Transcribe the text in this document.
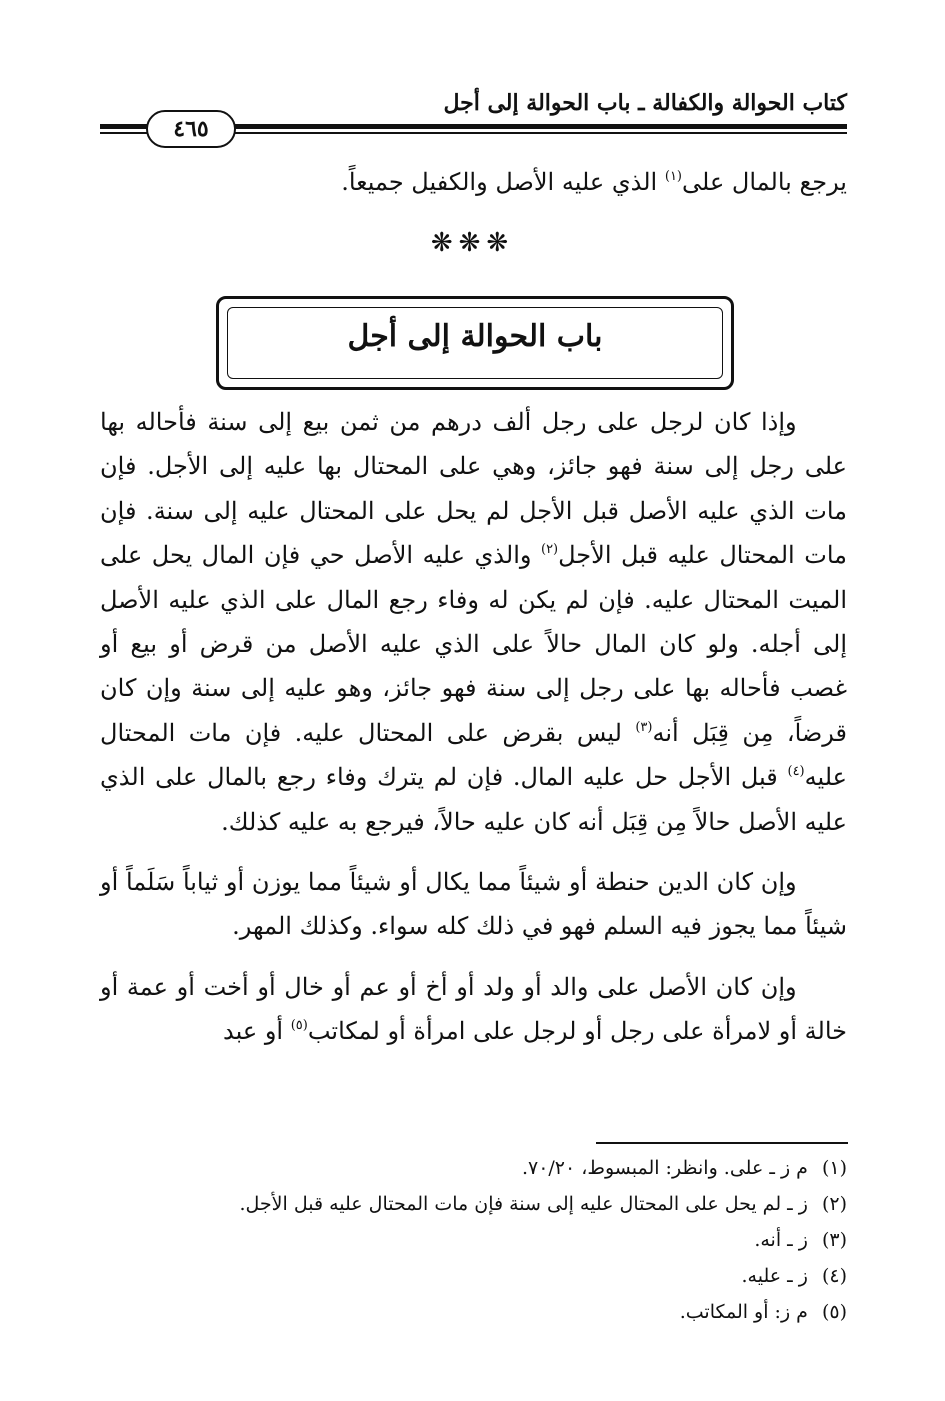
كتاب الحوالة والكفالة ـ باب الحوالة إلى أجل
٤٦٥
يرجع بالمال على$^{(١)}$ الذي عليه الأصل والكفيل جميعاً.
❋❋❋
باب الحوالة إلى أجل

وإذا كان لرجل على رجل ألف درهم من ثمن بيع إلى سنة فأحاله بها على رجل إلى سنة فهو جائز، وهي على المحتال بها عليه إلى الأجل. فإن مات الذي عليه الأصل قبل الأجل لم يحل على المحتال عليه إلى سنة. فإن مات المحتال عليه قبل الأجل$^{(٢)}$ والذي عليه الأصل حي فإن المال يحل على الميت المحتال عليه. فإن لم يكن له وفاء رجع المال على الذي عليه الأصل إلى أجله. ولو كان المال حالاً على الذي عليه الأصل من قرض أو بيع أو غصب فأحاله بها على رجل إلى سنة فهو جائز، وهو عليه إلى سنة وإن كان قرضاً، مِن قِبَل أنه$^{(٣)}$ ليس بقرض على المحتال عليه. فإن مات المحتال عليه$^{(٤)}$ قبل الأجل حل عليه المال. فإن لم يترك وفاء رجع بالمال على الذي عليه الأصل حالاً مِن قِبَل أنه كان عليه حالاً، فيرجع به عليه كذلك.

وإن كان الدين حنطة أو شيئاً مما يكال أو شيئاً مما يوزن أو ثياباً سَلَماً أو شيئاً مما يجوز فيه السلم فهو في ذلك كله سواء. وكذلك المهر.

وإن كان الأصل على والد أو ولد أو أخ أو عم أو خال أو أخت أو عمة أو خالة أو لامرأة على رجل أو لرجل على امرأة أو لمكاتب$^{(٥)}$ أو عبد

(١)م ز ـ على. وانظر: المبسوط، ٧٠/٢٠.
(٢)ز ـ لم يحل على المحتال عليه إلى سنة فإن مات المحتال عليه قبل الأجل.
(٣)ز ـ أنه.
(٤)ز ـ عليه.
(٥)م ز: أو المكاتب.
